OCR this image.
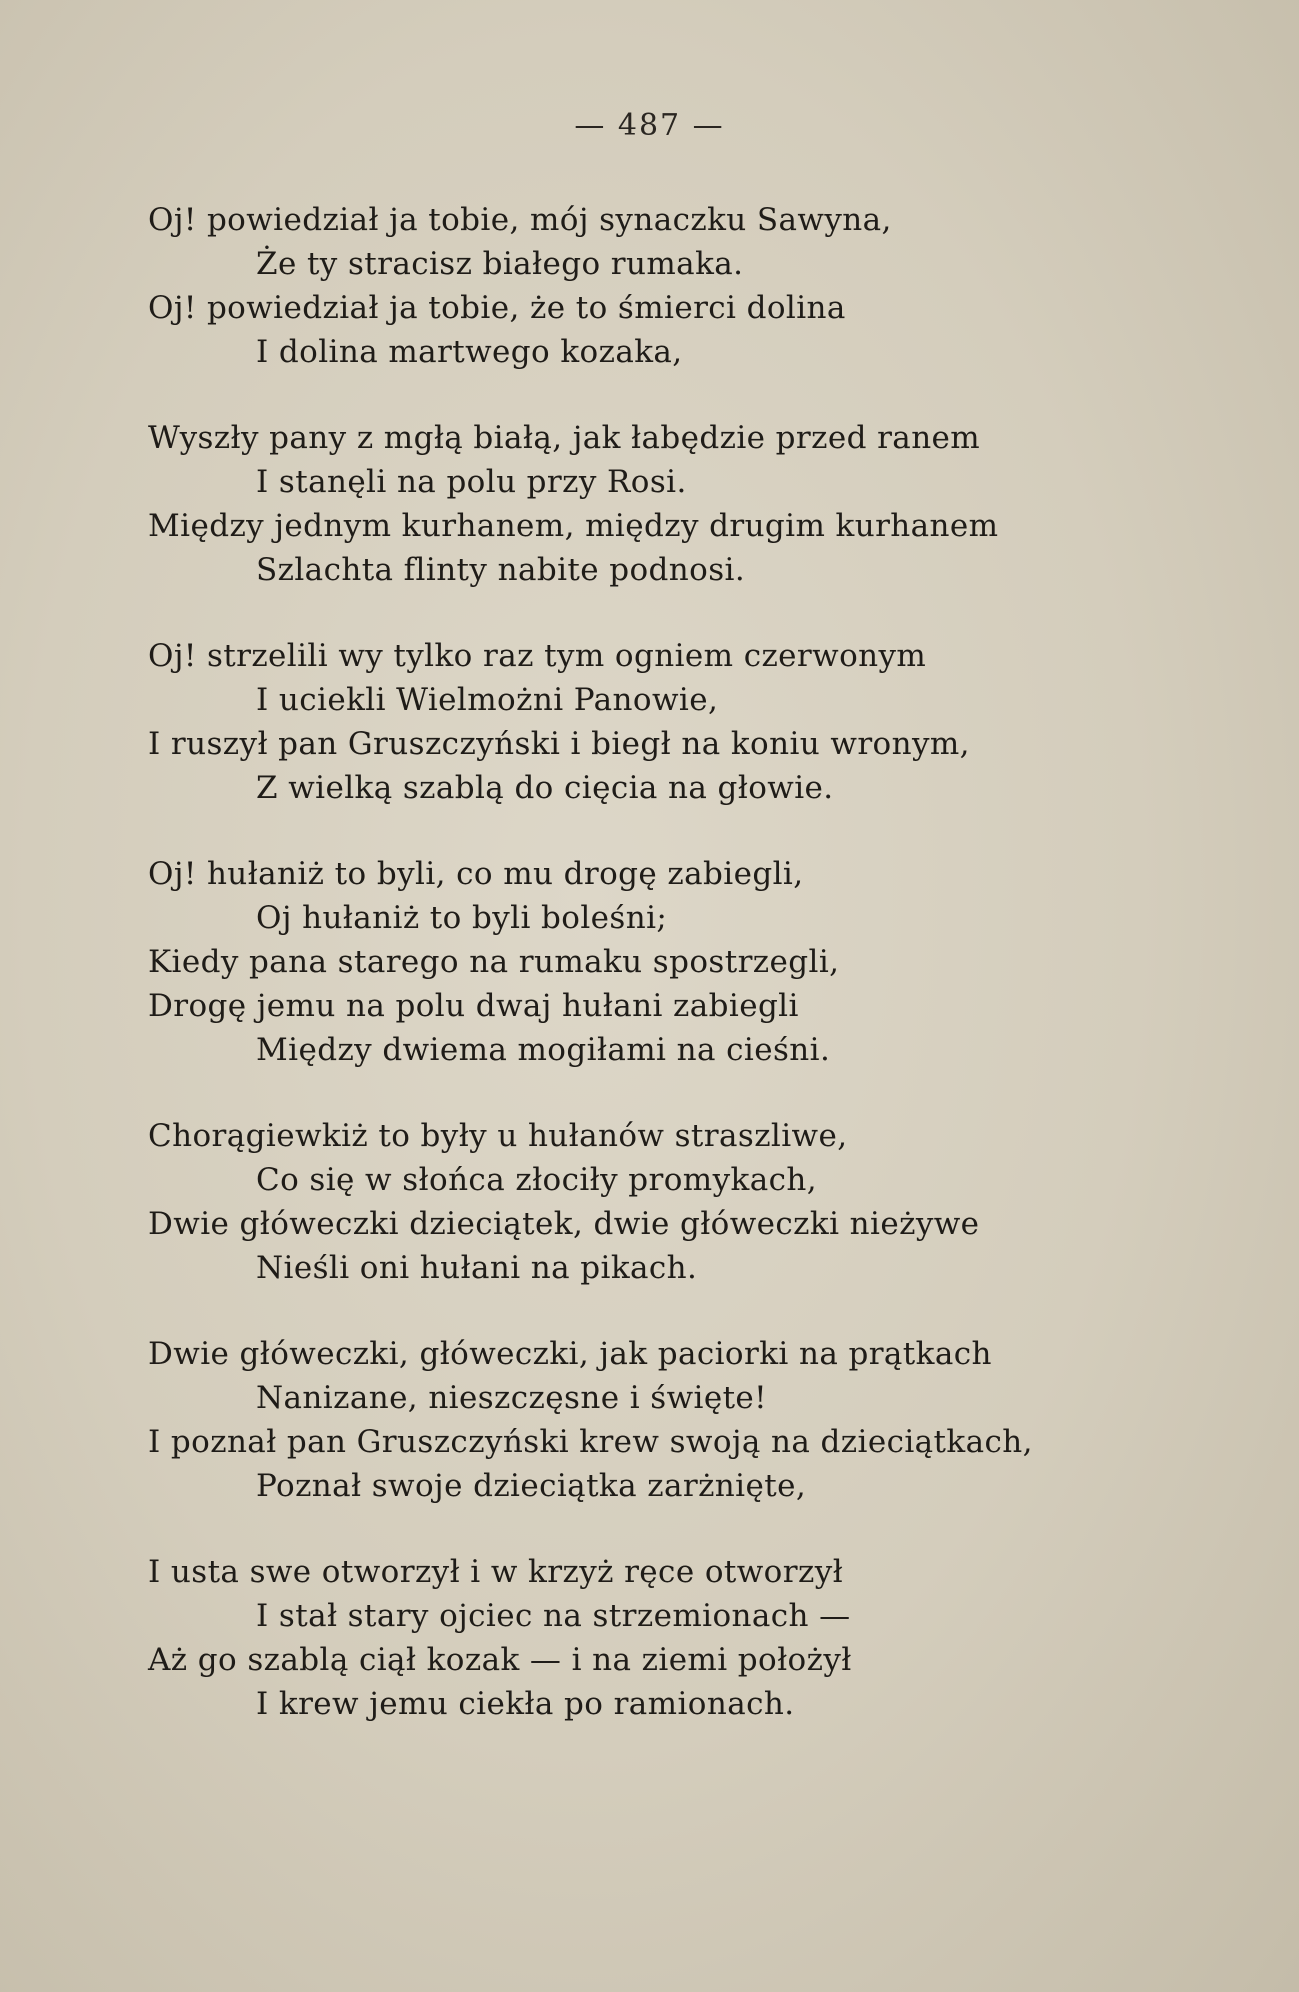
— 487 —
Oj! powiedział ja tobie, mój synaczku Sawyna,
Że ty stracisz białego rumaka.
Oj! powiedział ja tobie, że to śmierci dolina
I dolina martwego kozaka,
Wyszły pany z mgłą białą, jak łabędzie przed ranem
I stanęli na polu przy Rosi.
Między jednym kurhanem, między drugim kurhanem
Szlachta flinty nabite podnosi.
Oj! strzelili wy tylko raz tym ogniem czerwonym
I uciekli Wielmożni Panowie,
I ruszył pan Gruszczyński i biegł na koniu wronym,
Z wielką szablą do cięcia na głowie.
Oj! hułaniż to byli, co mu drogę zabiegli,
Oj hułaniż to byli boleśni;
Kiedy pana starego na rumaku spostrzegli,
Drogę jemu na polu dwaj hułani zabiegli
Między dwiema mogiłami na cieśni.
Chorągiewkiż to były u hułanów straszliwe,
Co się w słońca złociły promykach,
Dwie główeczki dzieciątek, dwie główeczki nieżywe
Nieśli oni hułani na pikach.
Dwie główeczki, główeczki, jak paciorki na prątkach
Nanizane, nieszczęsne i święte!
I poznał pan Gruszczyński krew swoją na dzieciątkach,
Poznał swoje dzieciątka zarżnięte,
I usta swe otworzył i w krzyż ręce otworzył
I stał stary ojciec na strzemionach —
Aż go szablą ciął kozak — i na ziemi położył
I krew jemu ciekła po ramionach.
